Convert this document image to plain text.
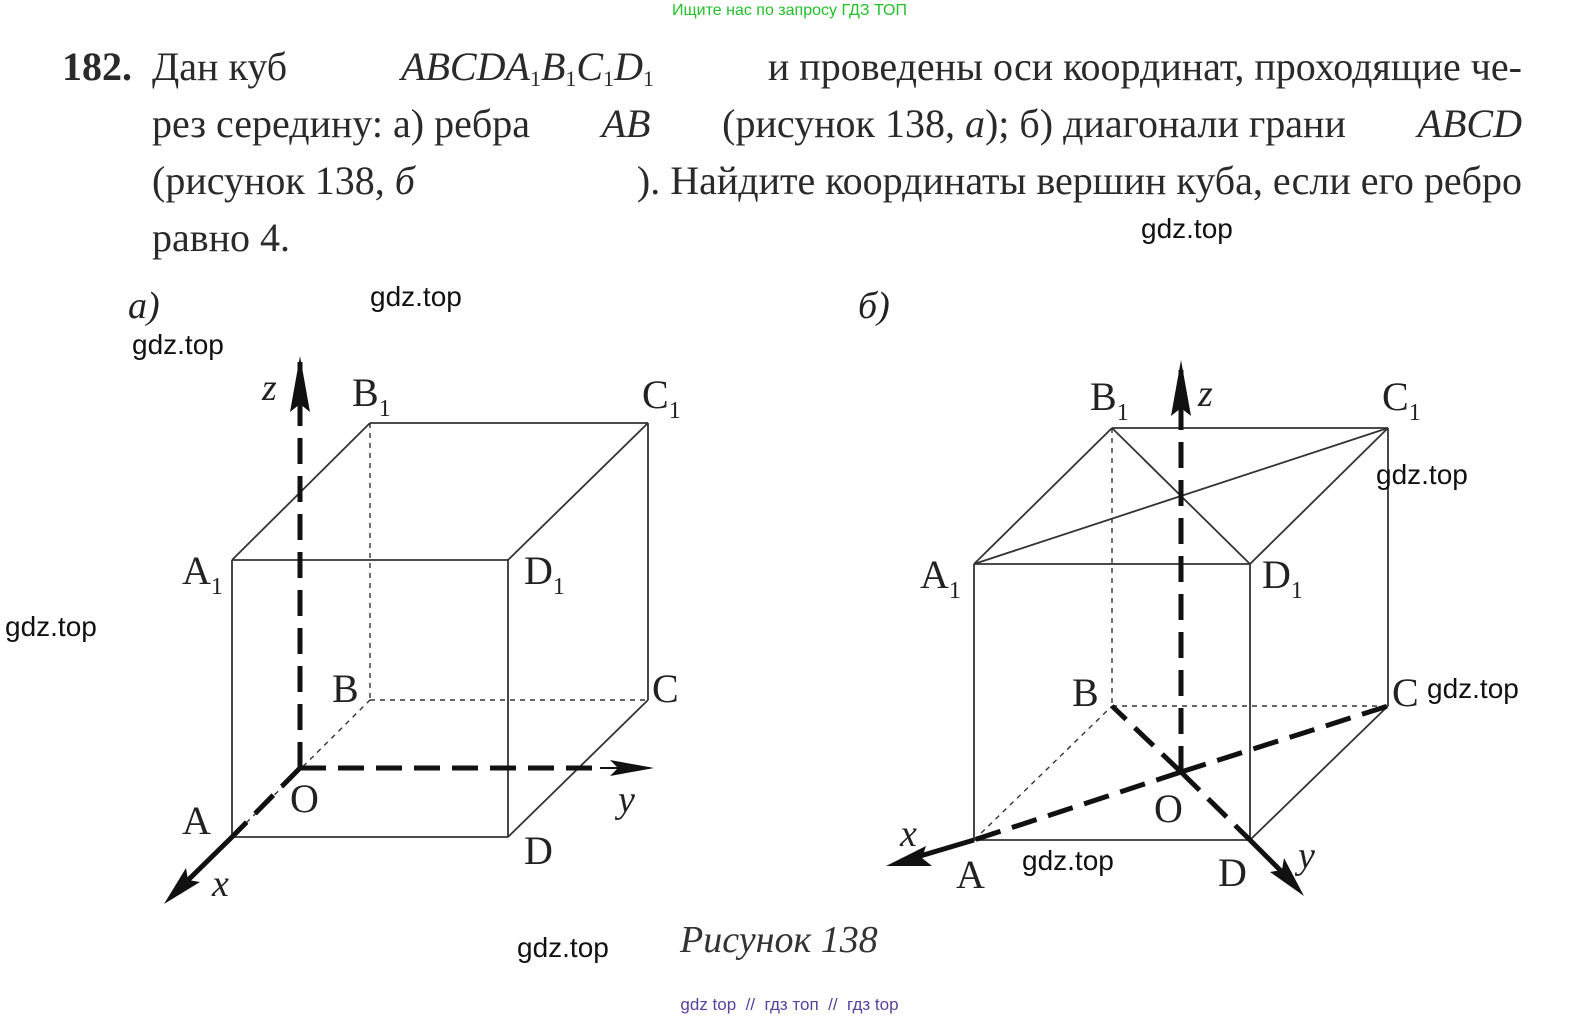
Ищите нас по запросу ГДЗ ТОП
182. Дан куб	$ABCDA_1B_1C_1D_1$	и проведены оси координат, проходящие че-
рез середину: а) ребра AB (рисунок 138, а); б) диагонали грани ABCD
(рисунок 138, б	). Найдите координаты вершин куба, если его ребро
равно 4.
а)
z $B_1$	$C_1$
$A_1$	$D_1$
B	C
O	y
A
D
x
б)
$B_1$ z	$C_1$
$A_1$	$D_1$
B	C
O
x
A	D y
Рисунок 138
gdz.top
gdz.top
gdz.top
gdz.top
gdz.top
gdz.top
gdz.top
gdz.top
gdz top // гдз топ // гдз top
